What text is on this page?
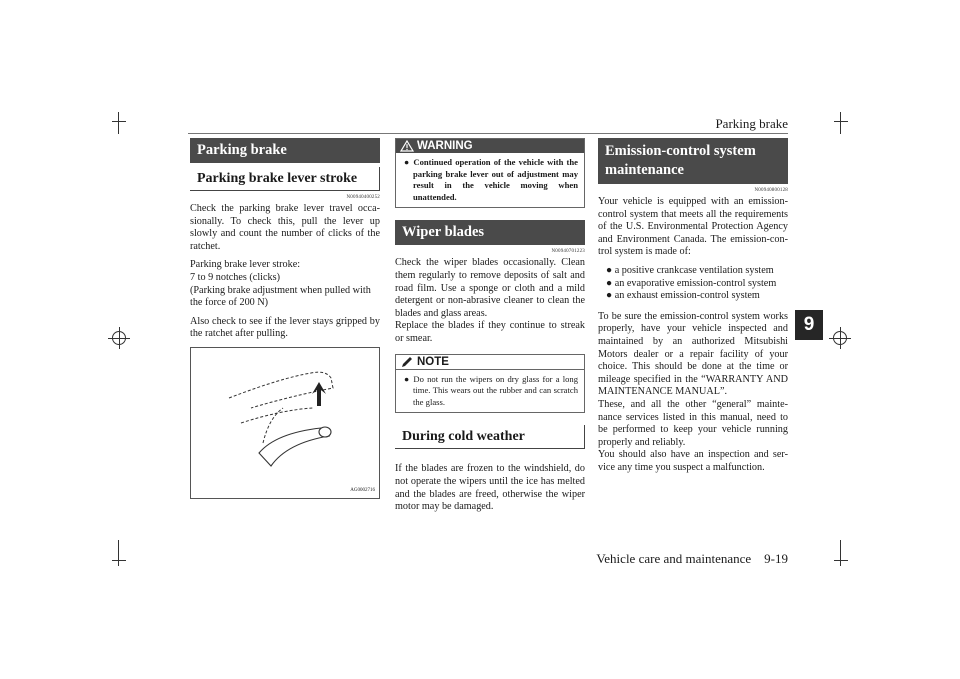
Parking brake
9
Parking brake
Parking brake lever stroke
N00940400252

Check the parking brake lever travel occa-sionally. To check this, pull the lever up slowly and count the number of clicks of the ratchet.

Parking brake lever stroke:
7 to 9 notches (clicks)
(Parking brake adjustment when pulled with the force of 200 N)

Also check to see if the lever stays gripped by the ratchet after pulling.

AG0002716
WARNING
● Continued operation of the vehicle with the parking brake lever out of adjustment may result in the vehicle moving when unattended.
Wiper blades
N00940701223

Check the wiper blades occasionally. Clean them regularly to remove deposits of salt and road film. Use a sponge or cloth and a mild detergent or non-abrasive cleaner to clean the blades and glass areas.

Replace the blades if they continue to streak or smear.

NOTE
● Do not run the wipers on dry glass for a long time. This wears out the rubber and can scratch the glass.
During cold weather

If the blades are frozen to the windshield, do not operate the wipers until the ice has melted and the blades are freed, otherwise the wiper motor may be damaged.

Emission-control system maintenance
N00940800128

Your vehicle is equipped with an emission-control system that meets all the requirements of the U.S. Environmental Protection Agency and Environment Canada. The emission-con-trol system is made of:

● a positive crankcase ventilation system
● an evaporative emission-control system
● an exhaust emission-control system

To be sure the emission-control system works properly, have your vehicle inspected and maintained by an authorized Mitsubishi Motors dealer or a repair facility of your choice. This should be done at the time or mileage specified in the “WARRANTY AND MAINTENANCE MANUAL”.

These, and all the other “general” mainte-nance services listed in this manual, need to be performed to keep your vehicle running properly and reliably.

You should also have an inspection and ser-vice any time you suspect a malfunction.

Vehicle care and maintenance    9-19
